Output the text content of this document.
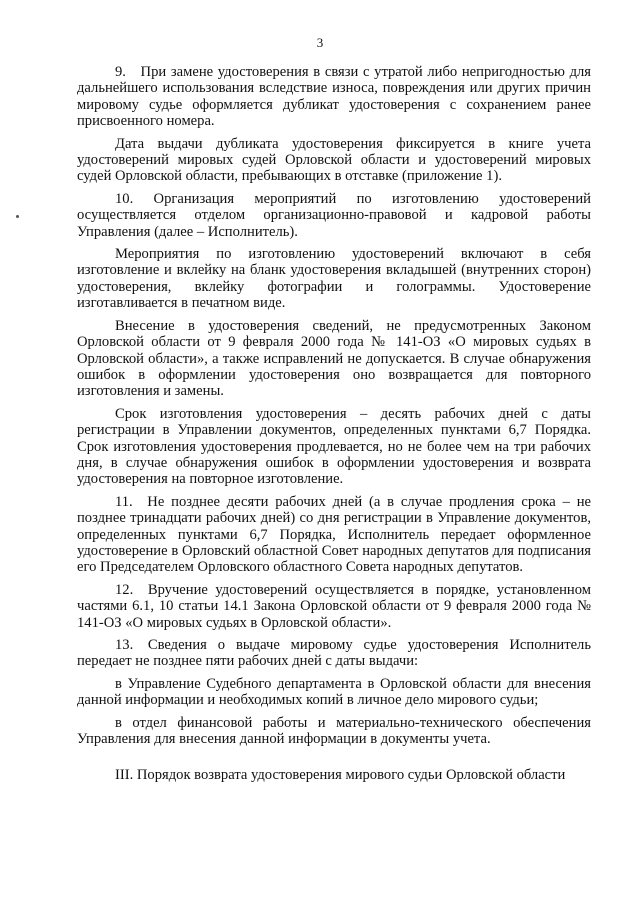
3

9. При замене удостоверения в связи с утратой либо непригодностью для дальнейшего использования вследствие износа, повреждения или других причин мировому судье оформляется дубликат удостоверения с сохранением ранее присвоенного номера.

Дата выдачи дубликата удостоверения фиксируется в книге учета удостоверений мировых судей Орловской области и удостоверений мировых судей Орловской области, пребывающих в отставке (приложение 1).

10. Организация мероприятий по изготовлению удостоверений осуществляется отделом организационно-правовой и кадровой работы Управления (далее – Исполнитель).

Мероприятия по изготовлению удостоверений включают в себя изготовление и вклейку на бланк удостоверения вкладышей (внутренних сторон) удостоверения, вклейку фотографии и голограммы. Удостоверение изготавливается в печатном виде.

Внесение в удостоверения сведений, не предусмотренных Законом Орловской области от 9 февраля 2000 года № 141-ОЗ «О мировых судьях в Орловской области», а также исправлений не допускается. В случае обнаружения ошибок в оформлении удостоверения оно возвращается для повторного изготовления и замены.

Срок изготовления удостоверения – десять рабочих дней с даты регистрации в Управлении документов, определенных пунктами 6,7 Порядка. Срок изготовления удостоверения продлевается, но не более чем на три рабочих дня, в случае обнаружения ошибок в оформлении удостоверения и возврата удостоверения на повторное изготовление.

11. Не позднее десяти рабочих дней (а в случае продления срока – не позднее тринадцати рабочих дней) со дня регистрации в Управление документов, определенных пунктами 6,7 Порядка, Исполнитель передает оформленное удостоверение в Орловский областной Совет народных депутатов для подписания его Председателем Орловского областного Совета народных депутатов.

12. Вручение удостоверений осуществляется в порядке, установленном частями 6.1, 10 статьи 14.1 Закона Орловской области от 9 февраля 2000 года № 141-ОЗ «О мировых судьях в Орловской области».

13. Сведения о выдаче мировому судье удостоверения Исполнитель передает не позднее пяти рабочих дней с даты выдачи:

в Управление Судебного департамента в Орловской области для внесения данной информации и необходимых копий в личное дело мирового судьи;

в отдел финансовой работы и материально-технического обеспечения Управления для внесения данной информации в документы учета.

III. Порядок возврата удостоверения мирового судьи Орловской области
